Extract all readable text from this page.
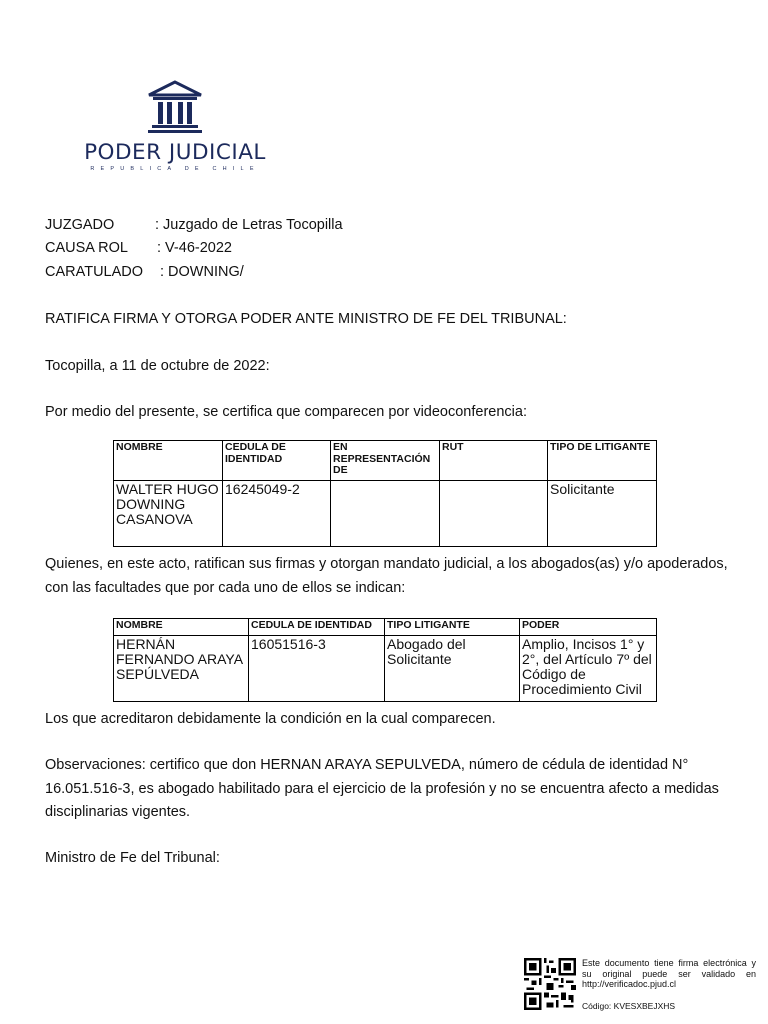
PODER JUDICIAL
REPUBLICA DE CHILE
JUZGADO	: Juzgado de Letras Tocopilla
CAUSA ROL : V-46-2022
CARATULADO : DOWNING/
RATIFICA FIRMA Y OTORGA PODER ANTE MINISTRO DE FE DEL TRIBUNAL:
Tocopilla, a 11 de octubre de 2022:
Por medio del presente, se certifica que comparecen por videoconferencia:
NOMBRE	CEDULA DE IDENTIDAD	EN REPRESENTACIÓN DE	RUT	TIPO DE LITIGANTE
WALTER HUGO DOWNING CASANOVA	16245049-2			Solicitante
Quienes, en este acto, ratifican sus firmas y otorgan mandato judicial, a los abogados(as) y/o apoderados, con las facultades que por cada uno de ellos se indican:
NOMBRE	CEDULA DE IDENTIDAD	TIPO LITIGANTE	PODER
HERNÁN FERNANDO ARAYA SEPÚLVEDA	16051516-3	Abogado del Solicitante	Amplio, Incisos 1° y 2°, del Artículo 7º del Código de Procedimiento Civil
Los que acreditaron debidamente la condición en la cual comparecen.
Observaciones: certifico que don HERNAN ARAYA SEPULVEDA, número de cédula de identidad N° 16.051.516-3, es abogado habilitado para el ejercicio de la profesión y no se encuentra afecto a medidas disciplinarias vigentes.
Ministro de Fe del Tribunal:
Este documento tiene firma electrónica y su original puede ser validado en http://verificadoc.pjud.cl
Código: KVESXBEJXHS
